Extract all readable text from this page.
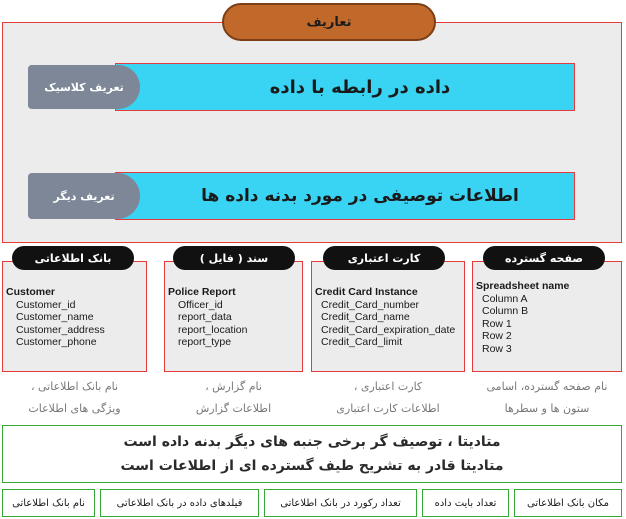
تعاریف
داده در رابطه با داده
تعریف کلاسیک
اطلاعات توصیفی در مورد بدنه داده ها
تعریف دیگر
بانک اطلاعاتی
Customer
Customer_id
Customer_name
Customer_address
Customer_phone
سند ( فایل )
Police Report
Officer_id
report_data
report_location
report_type
کارت اعتباری
Credit Card Instance
Credit_Card_number
Credit_Card_name
Credit_Card_expiration_date
Credit_Card_limit
صفحه گسترده
Spreadsheet name
Column A
Column B
Row 1
Row 2
Row 3
نام بانک اطلاعاتی ،
ویژگی های اطلاعات
نام گزارش ،
اطلاعات گزارش
کارت اعتباری ،
اطلاعات کارت اعتباری
نام صفحه گسترده، اسامی
ستون ها و سطرها
متادیتا ، توصیف گر برخی جنبه های دیگر بدنه داده است
متادیتا قادر به تشریح طیف گسترده ای از اطلاعات است
نام بانک اطلاعاتی	فیلدهای داده در بانک اطلاعاتی	تعداد رکورد در بانک اطلاعاتی	تعداد بایت داده	مکان بانک اطلاعاتی
